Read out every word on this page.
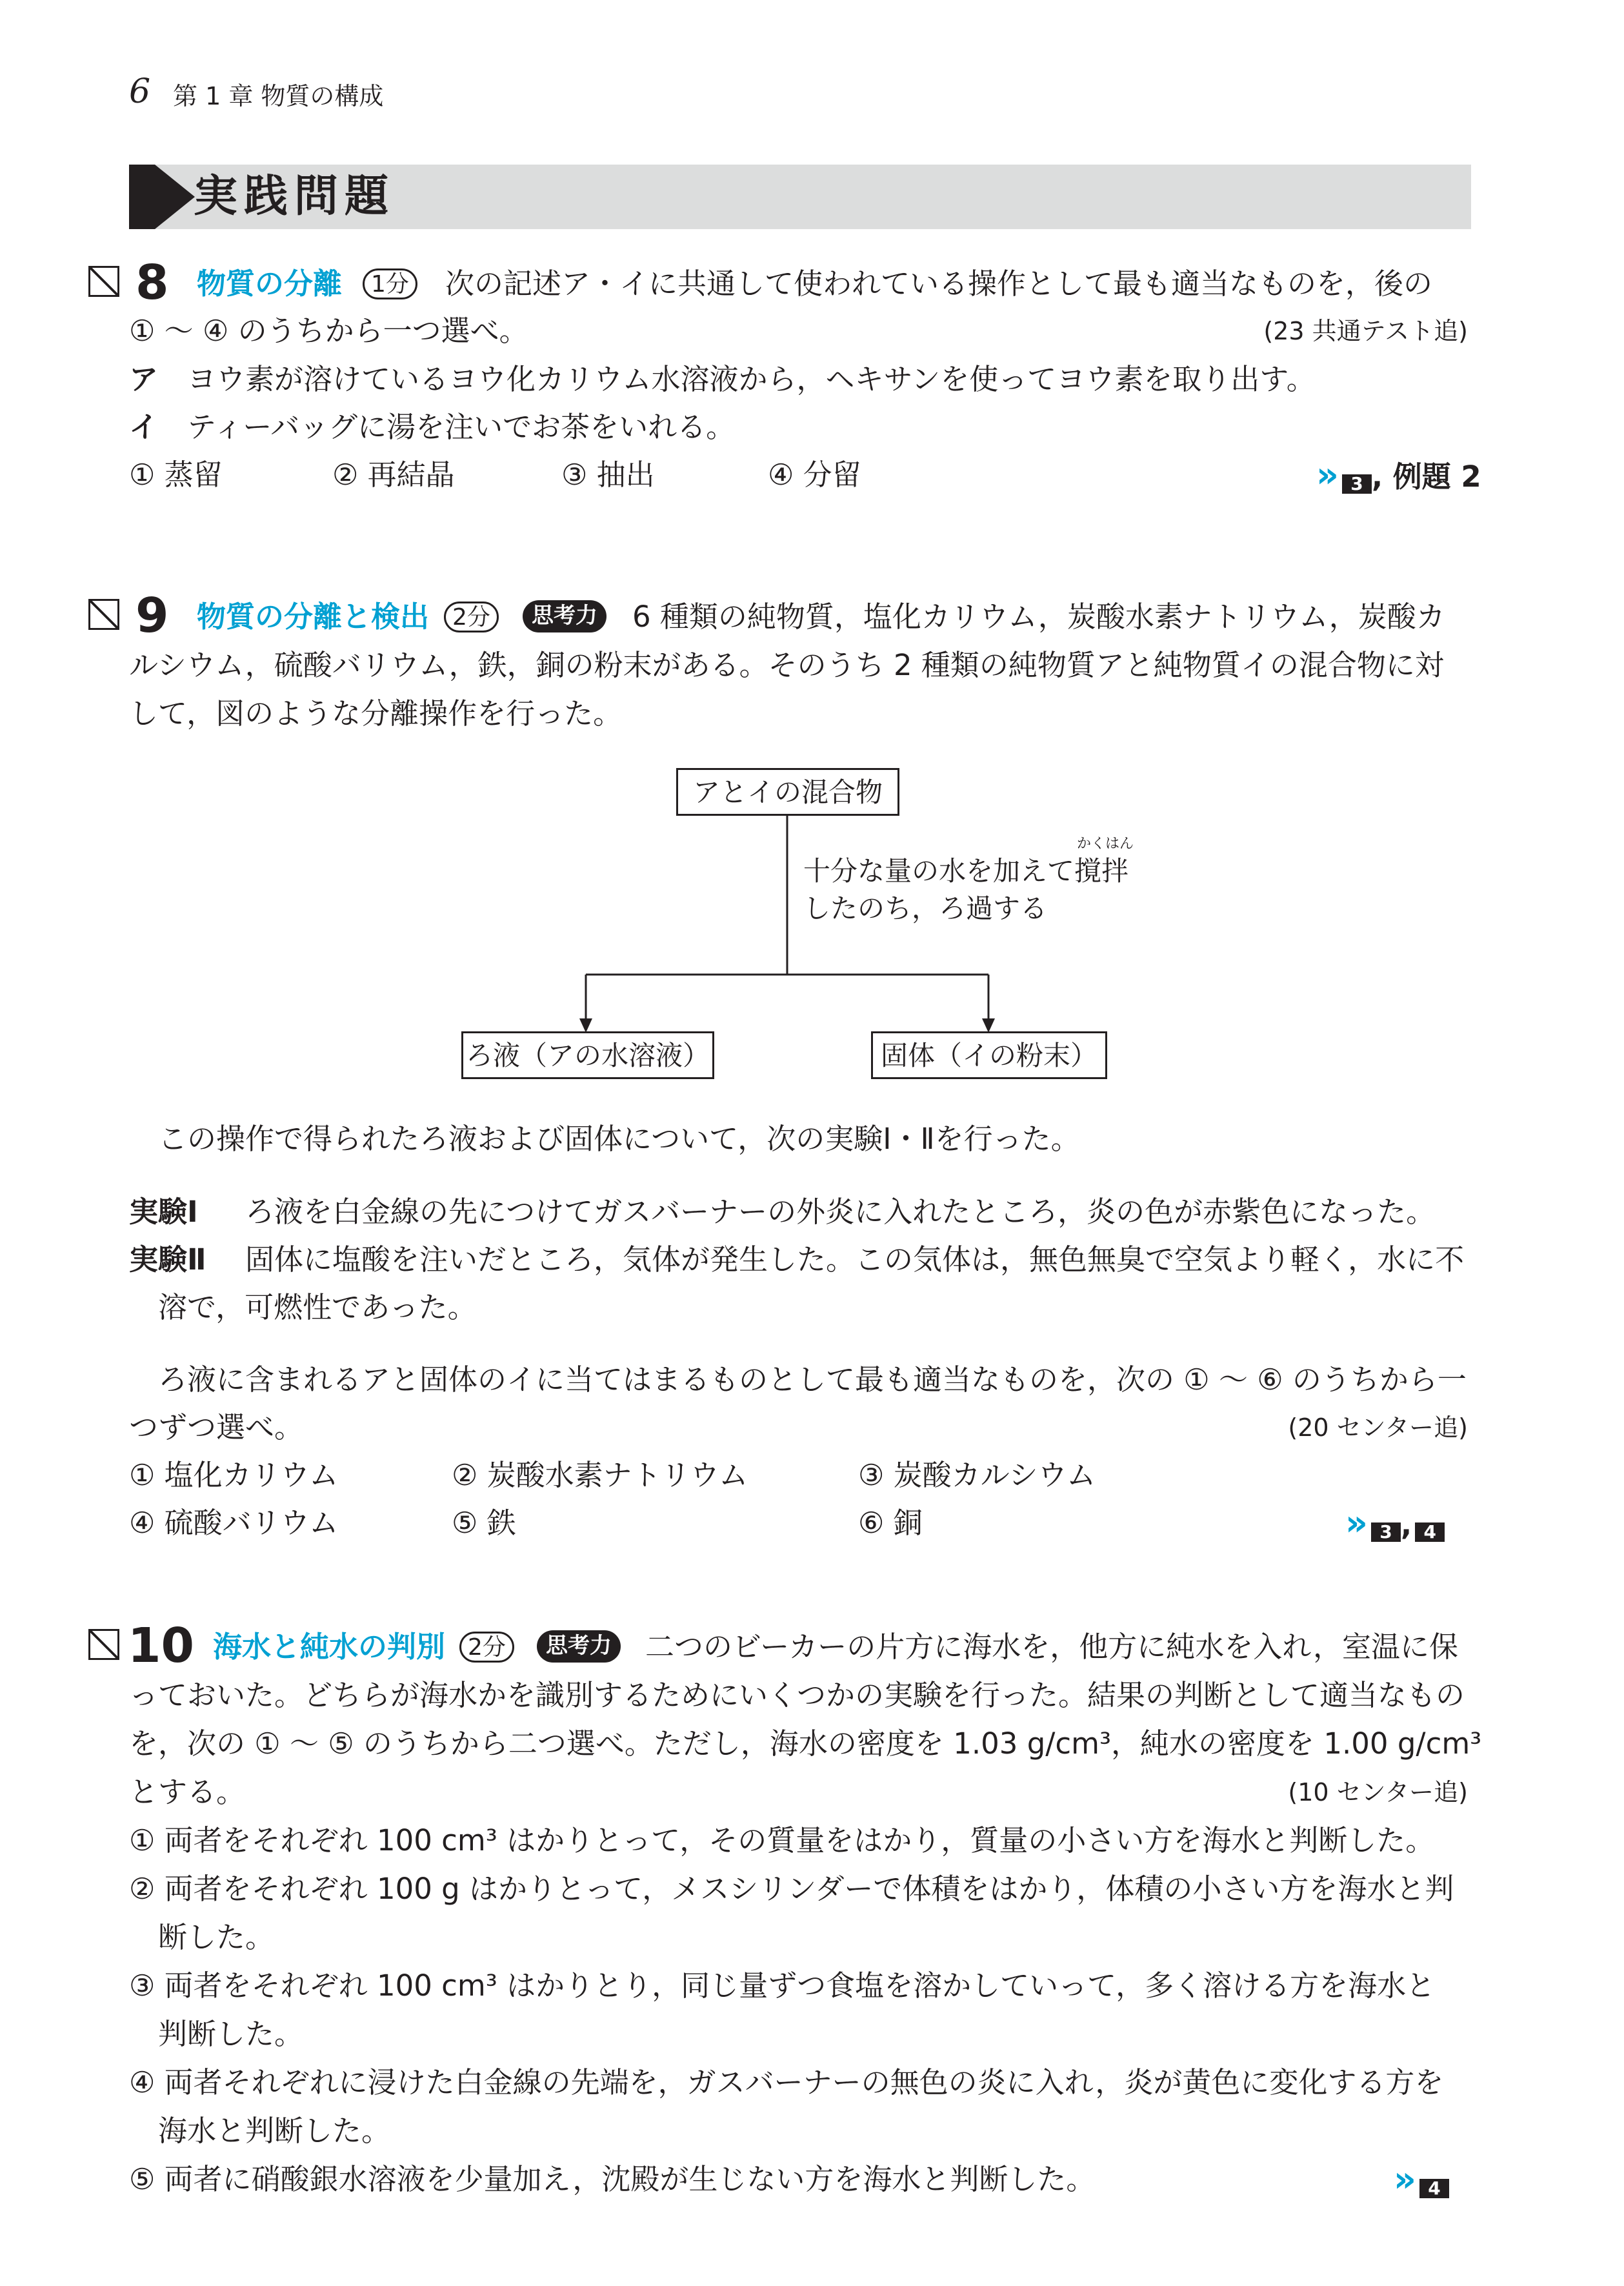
6 第 1 章 物質の構成
実践問題
8 物質の分離	1分 次の記述ア・イに共通して使われている操作として最も適当なものを，後の
① ～ ④ のうちから一つ選べ。	(23 共通テスト追)
ア ヨウ素が溶けているヨウ化カリウム水溶液から，ヘキサンを使ってヨウ素を取り出す。
イ ティーバッグに湯を注いでお茶をいれる。
① 蒸留	② 再結晶	③ 抽出	④ 分留	» 3 , 例題 2
9 物質の分離と検出 2分	思考力	6 種類の純物質，塩化カリウム，炭酸水素ナトリウム，炭酸カ
ルシウム，硫酸バリウム，鉄，銅の粉末がある。そのうち 2 種類の純物質アと純物質イの混合物に対
して，図のような分離操作を行った。
アとイの混合物
十分な量の水を加えて
かくはん
撹拌
したのち，ろ過する
ろ液（アの水溶液）	固体（イの粉末）
この操作で得られたろ液および固体について，次の実験Ⅰ・Ⅱを行った。
実験Ⅰ ろ液を白金線の先につけてガスバーナーの外炎に入れたところ，炎の色が赤紫色になった。
実験Ⅱ 固体に塩酸を注いだところ，気体が発生した。この気体は，無色無臭で空気より軽く，水に不
溶で，可燃性であった。
ろ液に含まれるアと固体のイに当てはまるものとして最も適当なものを，次の ① ～ ⑥ のうちから一
つずつ選べ。	(20 センター追)
① 塩化カリウム	② 炭酸水素ナトリウム	③ 炭酸カルシウム
④ 硫酸バリウム	⑤ 鉄	⑥ 銅	» 3 , 4
10 海水と純水の判別 2分	思考力	二つのビーカーの片方に海水を，他方に純水を入れ，室温に保
っておいた。どちらが海水かを識別するためにいくつかの実験を行った。結果の判断として適当なもの
を，次の ① ～ ⑤ のうちから二つ選べ。ただし，海水の密度を 1.03 g/cm³，純水の密度を 1.00 g/cm³
とする。	(10 センター追)
① 両者をそれぞれ 100 cm³ はかりとって，その質量をはかり，質量の小さい方を海水と判断した。
② 両者をそれぞれ 100 g はかりとって，メスシリンダーで体積をはかり，体積の小さい方を海水と判
断した。
③ 両者をそれぞれ 100 cm³ はかりとり，同じ量ずつ食塩を溶かしていって，多く溶ける方を海水と
判断した。
④ 両者それぞれに浸けた白金線の先端を，ガスバーナーの無色の炎に入れ，炎が黄色に変化する方を
海水と判断した。
⑤ 両者に硝酸銀水溶液を少量加え，沈殿が生じない方を海水と判断した。	» 4
